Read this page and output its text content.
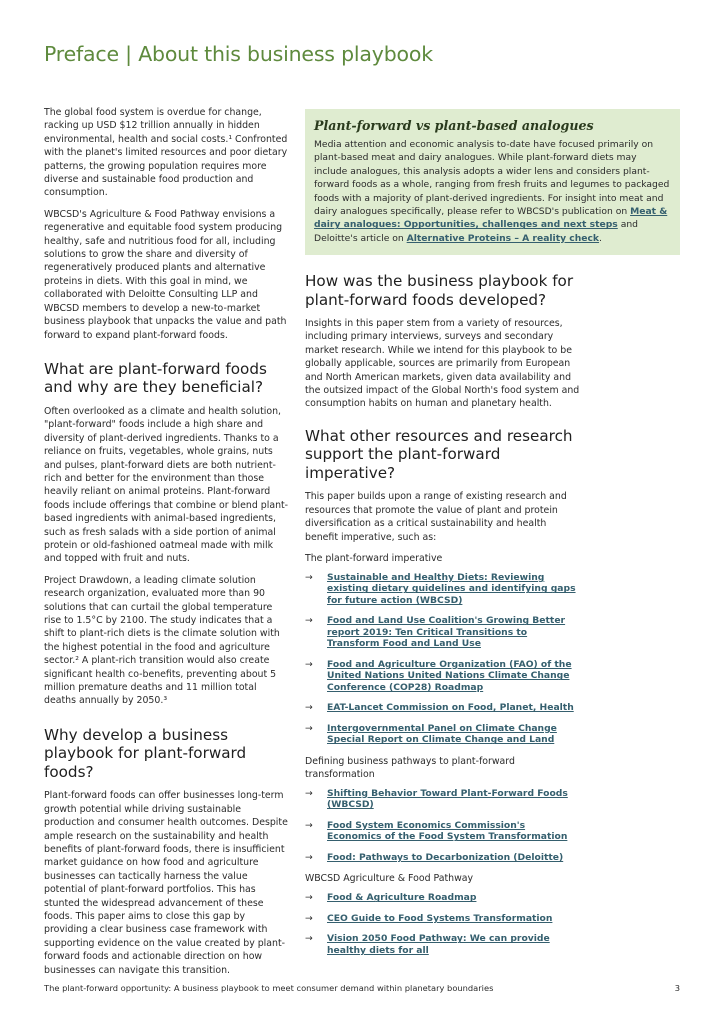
Preface | About this business playbook

The global food system is overdue for change, racking up USD $12 trillion annually in hidden environmental, health and social costs.¹ Confronted with the planet's limited resources and poor dietary patterns, the growing population requires more diverse and sustainable food production and consumption.

WBCSD's Agriculture & Food Pathway envisions a regenerative and equitable food system producing healthy, safe and nutritious food for all, including solutions to grow the share and diversity of regeneratively produced plants and alternative proteins in diets. With this goal in mind, we collaborated with Deloitte Consulting LLP and WBCSD members to develop a new-to-market business playbook that unpacks the value and path forward to expand plant-forward foods.

What are plant-forward foods and why are they beneficial?

Often overlooked as a climate and health solution, "plant-forward" foods include a high share and diversity of plant-derived ingredients. Thanks to a reliance on fruits, vegetables, whole grains, nuts and pulses, plant-forward diets are both nutrient-rich and better for the environment than those heavily reliant on animal proteins. Plant-forward foods include offerings that combine or blend plant-based ingredients with animal-based ingredients, such as fresh salads with a side portion of animal protein or old-fashioned oatmeal made with milk and topped with fruit and nuts.

Project Drawdown, a leading climate solution research organization, evaluated more than 90 solutions that can curtail the global temperature rise to 1.5°C by 2100. The study indicates that a shift to plant-rich diets is the climate solution with the highest potential in the food and agriculture sector.² A plant-rich transition would also create significant health co-benefits, preventing about 5 million premature deaths and 11 million total deaths annually by 2050.³

Why develop a business playbook for plant-forward foods?

Plant-forward foods can offer businesses long-term growth potential while driving sustainable production and consumer health outcomes. Despite ample research on the sustainability and health benefits of plant-forward foods, there is insufficient market guidance on how food and agriculture businesses can tactically harness the value potential of plant-forward portfolios. This has stunted the widespread advancement of these foods. This paper aims to close this gap by providing a clear business case framework with supporting evidence on the value created by plant-forward foods and actionable direction on how businesses can navigate this transition.

Plant-forward vs plant-based analogues

Media attention and economic analysis to-date have focused primarily on plant-based meat and dairy analogues. While plant-forward diets may include analogues, this analysis adopts a wider lens and considers plant-forward foods as a whole, ranging from fresh fruits and legumes to packaged foods with a majority of plant-derived ingredients. For insight into meat and dairy analogues specifically, please refer to WBCSD's publication on Meat & dairy analogues: Opportunities, challenges and next steps and Deloitte's article on Alternative Proteins – A reality check.

How was the business playbook for plant-forward foods developed?

Insights in this paper stem from a variety of resources, including primary interviews, surveys and secondary market research. While we intend for this playbook to be globally applicable, sources are primarily from European and North American markets, given data availability and the outsized impact of the Global North's food system and consumption habits on human and planetary health.

What other resources and research support the plant-forward imperative?

This paper builds upon a range of existing research and resources that promote the value of plant and protein diversification as a critical sustainability and health benefit imperative, such as:

The plant-forward imperative
→ Sustainable and Healthy Diets: Reviewing existing dietary guidelines and identifying gaps for future action (WBCSD)
→ Food and Land Use Coalition's Growing Better report 2019: Ten Critical Transitions to Transform Food and Land Use
→ Food and Agriculture Organization (FAO) of the United Nations United Nations Climate Change Conference (COP28) Roadmap
→ EAT-Lancet Commission on Food, Planet, Health
→ Intergovernmental Panel on Climate Change Special Report on Climate Change and Land
Defining business pathways to plant-forward transformation
→ Shifting Behavior Toward Plant-Forward Foods (WBCSD)
→ Food System Economics Commission's Economics of the Food System Transformation
→ Food: Pathways to Decarbonization (Deloitte)
WBCSD Agriculture & Food Pathway
→ Food & Agriculture Roadmap
→ CEO Guide to Food Systems Transformation
→ Vision 2050 Food Pathway: We can provide healthy diets for all
The plant-forward opportunity: A business playbook to meet consumer demand within planetary boundaries	3
